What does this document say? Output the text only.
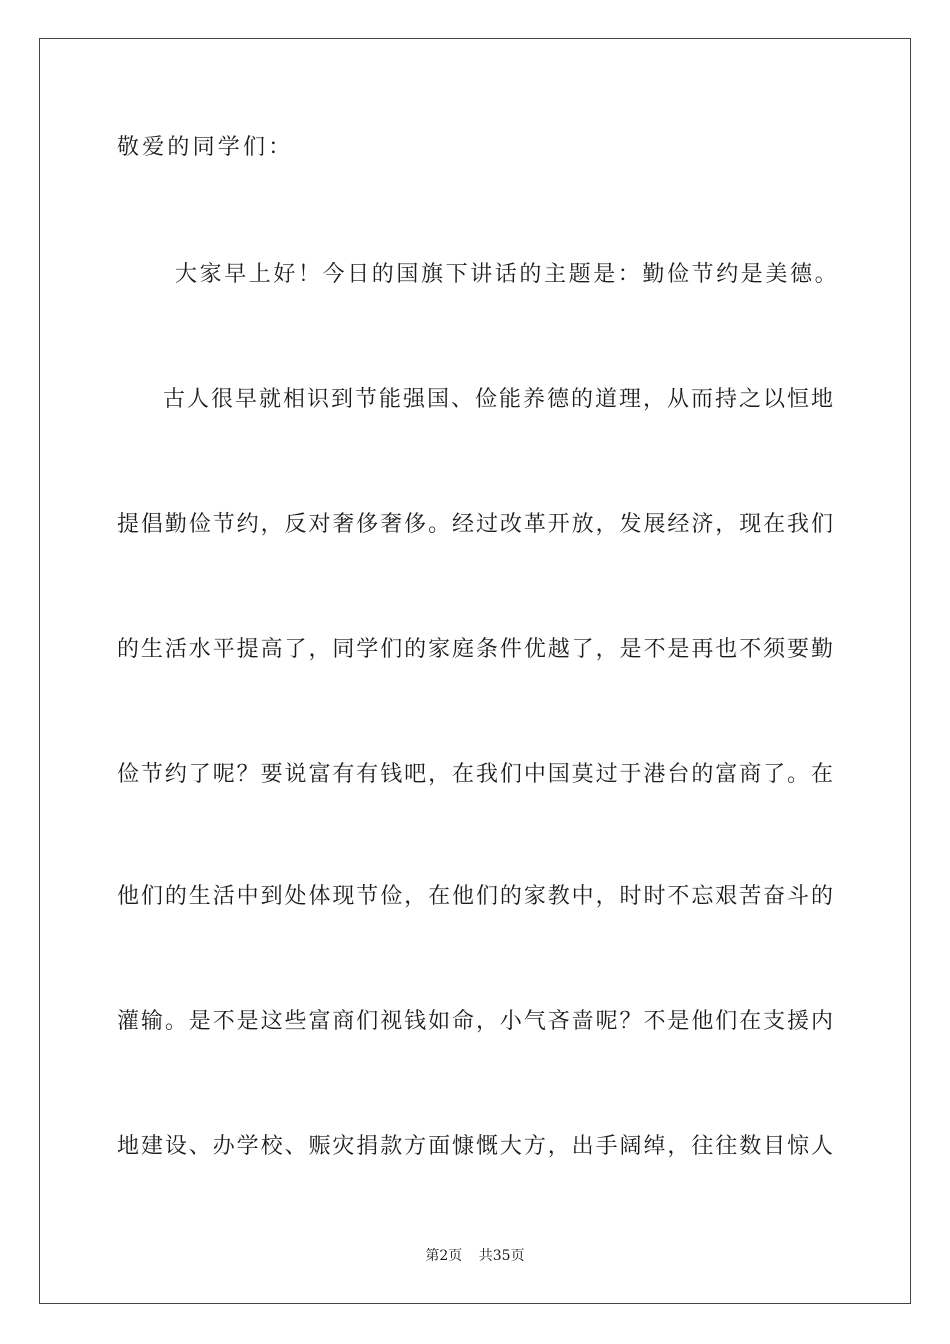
敬爱的同学们：
大家早上好！今日的国旗下讲话的主题是：勤俭节约是美德。
古人很早就相识到节能强国、俭能养德的道理，从而持之以恒地
提倡勤俭节约，反对奢侈奢侈。经过改革开放，发展经济，现在我们
的生活水平提高了，同学们的家庭条件优越了，是不是再也不须要勤
俭节约了呢？要说富有有钱吧，在我们中国莫过于港台的富商了。在
他们的生活中到处体现节俭，在他们的家教中，时时不忘艰苦奋斗的
灌输。是不是这些富商们视钱如命，小气吝啬呢？不是他们在支援内
地建设、办学校、赈灾捐款方面慷慨大方，出手阔绰，往往数目惊人
第2页 共35页
